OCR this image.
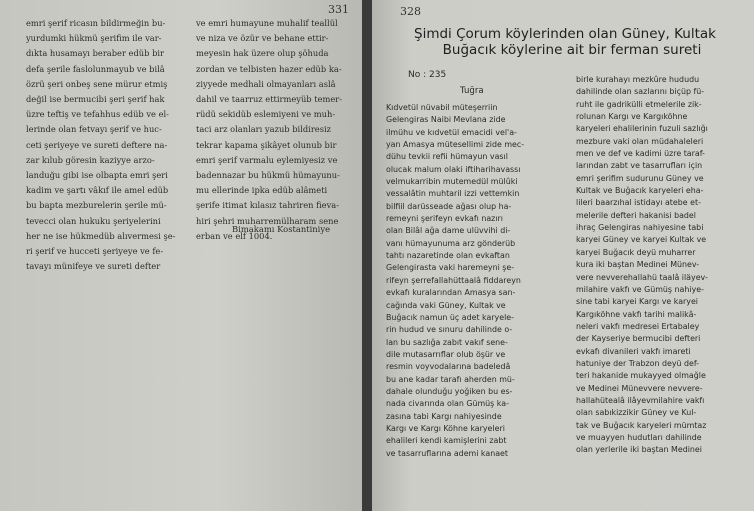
331
emri şerif ricasın bildirmeğin bu-
yurdumki hükmü şerifim ile var-
dıkta husamayı beraber edüb bir
defa şerile faslolunmayub ve bilâ
özrü şeri onbeş sene mürur etmiş
değil ise bermucibi şeri şerif hak
üzre teftiş ve tefahhus edüb ve el-
lerinde olan fetvayı şerif ve huc-
ceti şeriyeye ve sureti deftere na-
zar kılub göresin kaziyye arzo-
landuğu gibi ise olbapta emri şeri
kadim ve şartı vâkıf ile amel edüb
bu bapta mezburelerin şerile mü-
tevecci olan hukuku şeriyelerini
her ne ise hükmedüb alıvermesi şe-
ri şerif ve hucceti şeriyeye ve fe-
tavayı münifeye ve sureti defter
ve emri humayune muhalif teallül
ve niza ve özür ve behane ettir-
meyesin hak üzere olup şöhuda
zordan ve telbisten hazer edüb ka-
ziyyede medhali olmayanları aslâ
dahil ve taarruz ettirmeyüb temer-
rüdü sekidüb eslemiyeni ve muh-
taci arz olanları yazub bildiresiz
tekrar kapama şikâyet olunub bir
emri şerif varmalu eylemiyesiz ve
badennazar bu hükmü hümayunu-
mu ellerinde ipka edüb alâmeti
şerife itimat kılasız tahriren fieva-
hiri şehri muharremülharam sene
erban ve elf 1004.
Bimakamı Kostantiniye
328
Şimdi Çorum köylerinden olan Güney, Kultak
Buğacık köylerine ait bir ferman sureti
No : 235
Tuğra
Kıdvetül nüvabil müteşerriin
Gelengiras Naibi Mevlana zide
ilmühu ve kıdvetül emacidi vel'a-
yan Amasya mütesellimi zide mec-
dühu tevkii refii hümayun vasıl
olucak malum olaki iftiharihavassı
velmukarribin mutemedül mülûki
vessalâtin muhtaril izzi vettemkin
bilfiil darüsseade ağası olup ha-
remeyni şerifeyn evkafı nazırı
olan Bilâl ağa dame ulüvvihi di-
vanı hümayunuma arz gönderüb
tahtı nazaretinde olan evkaftan
Gelengirasta vaki haremeyni şe-
rifeyn şerrefallahüttaalâ fiddareyn
evkafı kuralarından Amasya san-
cağında vaki Güney, Kultak ve
Buğacık namun üç adet karyele-
rin hudud ve sınuru dahilinde o-
lan bu sazlığa zabıt vakıf sene-
dile mutasarrıflar olub öşür ve
resmin voyvodalarına badeledâ
bu ane kadar tarafı aherden mü-
dahale olunduğu yoğiken bu es-
nada civarında olan Gümüş ka-
zasına tabi Kargı nahiyesinde
Kargı ve Kargı Köhne karyeleri
ehalileri kendi kamişlerini zabt
ve tasarruflarına ademi kanaet
birle kurahayı mezkûre hududu
dahilinde olan sazlarını biçüp fü-
ruht ile gadrikülli etmelerile zik-
rolunan Kargı ve Kargıköhne
karyeleri ehalilerinin fuzuli sazlığı
mezbure vaki olan müdahaleleri
men ve def ve kadimi üzre taraf-
larından zabt ve tasarrufları için
emri şerifim sudurunu Güney ve
Kultak ve Buğacık karyeleri eha-
lileri baarzıhal istidayı atebe et-
melerile defteri hakanisi badel
ihraç Gelengiras nahiyesine tabi
karyei Güney ve karyei Kultak ve
karyei Buğacık deyü muharrer
kura iki baştan Medinei Münev-
vere nevverehallahü taalâ iläyev-
milahire vakfı ve Gümüş nahiye-
sine tabi karyei Kargı ve karyei
Kargıköhne vakfı tarihi malikâ-
neleri vakfı medresei Ertabaley
der Kayseriye bermucibi defteri
evkafı divanileri vakfı imareti
hatuniye der Trabzon deyü def-
teri hakanide mukayyed olmağle
ve Medinei Münevvere nevvere-
hallahütealâ ilâyevmilahire vakfı
olan sabıkizzikir Güney ve Kul-
tak ve Buğacık karyeleri mümtaz
ve muayyen hudutları dahilinde
olan yerlerile iki baştan Medinei
